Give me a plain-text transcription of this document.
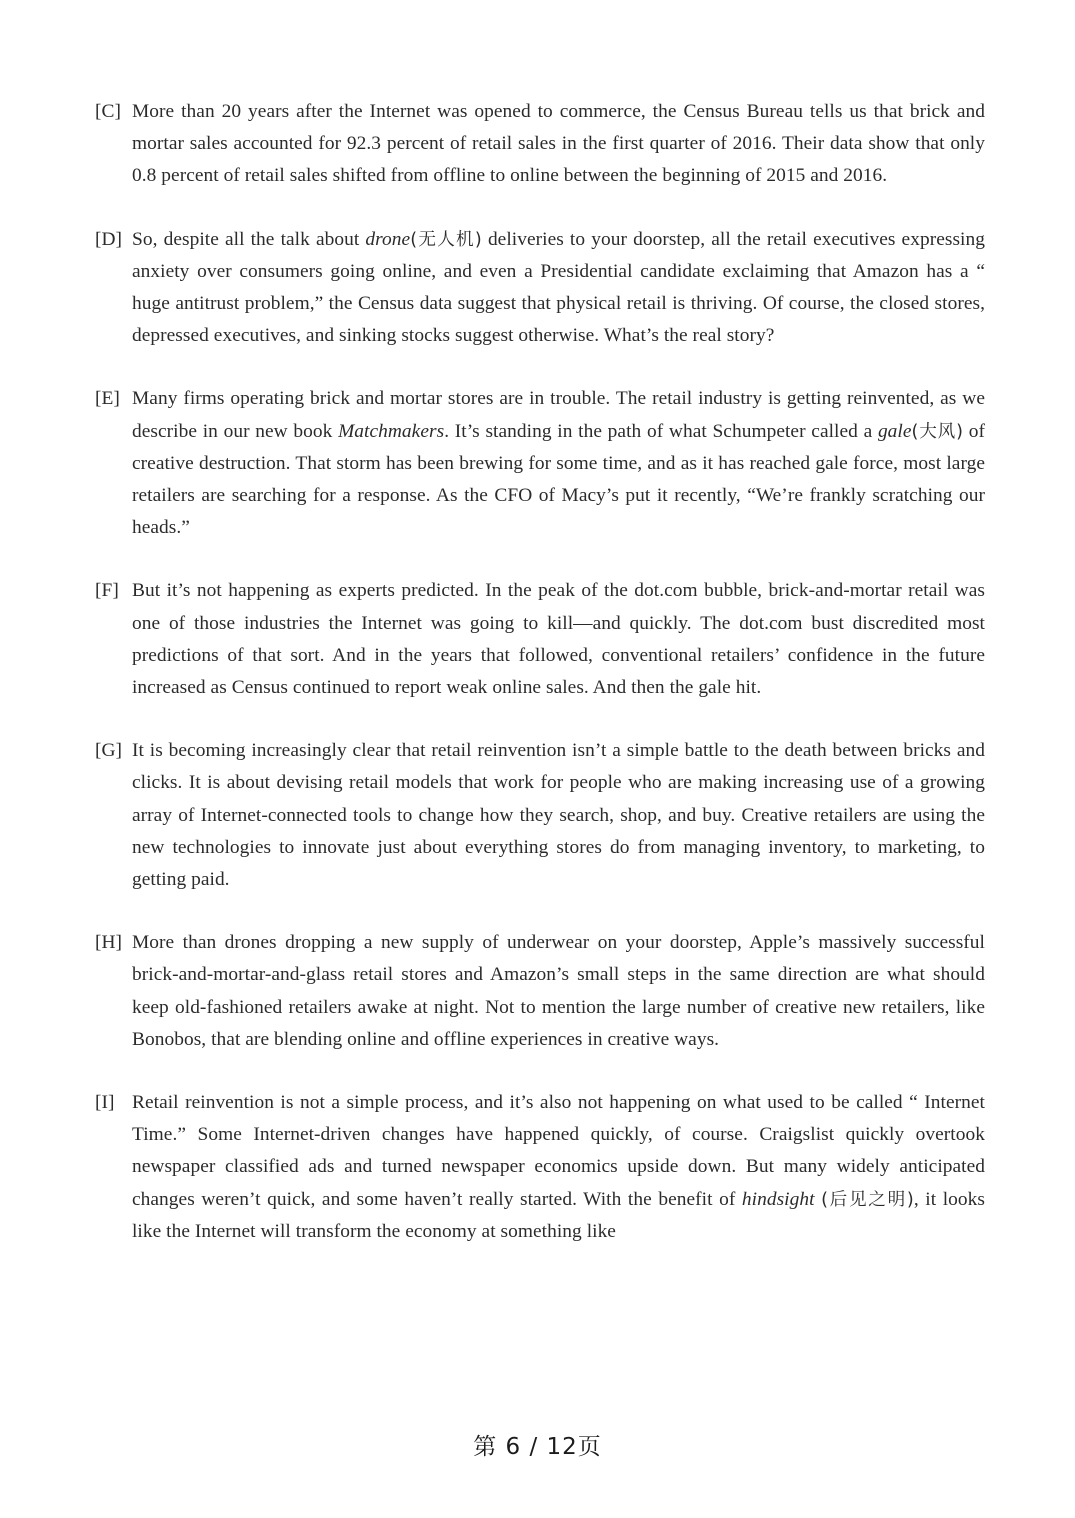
[C] More than 20 years after the Internet was opened to commerce, the Census Bureau tells us that brick and mortar sales accounted for 92.3 percent of retail sales in the first quarter of 2016. Their data show that only 0.8 percent of retail sales shifted from offline to online between the beginning of 2015 and 2016.
[D] So, despite all the talk about drone(无人机) deliveries to your doorstep, all the retail executives expressing anxiety over consumers going online, and even a Presidential candidate exclaiming that Amazon has a “ huge antitrust problem,” the Census data suggest that physical retail is thriving. Of course, the closed stores, depressed executives, and sinking stocks suggest otherwise. What’s the real story?
[E] Many firms operating brick and mortar stores are in trouble. The retail industry is getting reinvented, as we describe in our new book Matchmakers. It’s standing in the path of what Schumpeter called a gale(大风) of creative destruction. That storm has been brewing for some time, and as it has reached gale force, most large retailers are searching for a response. As the CFO of Macy’s put it recently, “We’re frankly scratching our heads.”
[F] But it’s not happening as experts predicted. In the peak of the dot.com bubble, brick-and-mortar retail was one of those industries the Internet was going to kill—and quickly. The dot.com bust discredited most predictions of that sort. And in the years that followed, conventional retailers’ confidence in the future increased as Census continued to report weak online sales. And then the gale hit.
[G] It is becoming increasingly clear that retail reinvention isn’t a simple battle to the death between bricks and clicks. It is about devising retail models that work for people who are making increasing use of a growing array of Internet-connected tools to change how they search, shop, and buy. Creative retailers are using the new technologies to innovate just about everything stores do from managing inventory, to marketing, to getting paid.
[H] More than drones dropping a new supply of underwear on your doorstep, Apple’s massively successful brick-and-mortar-and-glass retail stores and Amazon’s small steps in the same direction are what should keep old-fashioned retailers awake at night. Not to mention the large number of creative new retailers, like Bonobos, that are blending online and offline experiences in creative ways.
[I] Retail reinvention is not a simple process, and it’s also not happening on what used to be called “ Internet Time.” Some Internet-driven changes have happened quickly, of course. Craigslist quickly overtook newspaper classified ads and turned newspaper economics upside down. But many widely anticipated changes weren’t quick, and some haven’t really started. With the benefit of hindsight (后见之明), it looks like the Internet will transform the economy at something like
第 6 / 12页
